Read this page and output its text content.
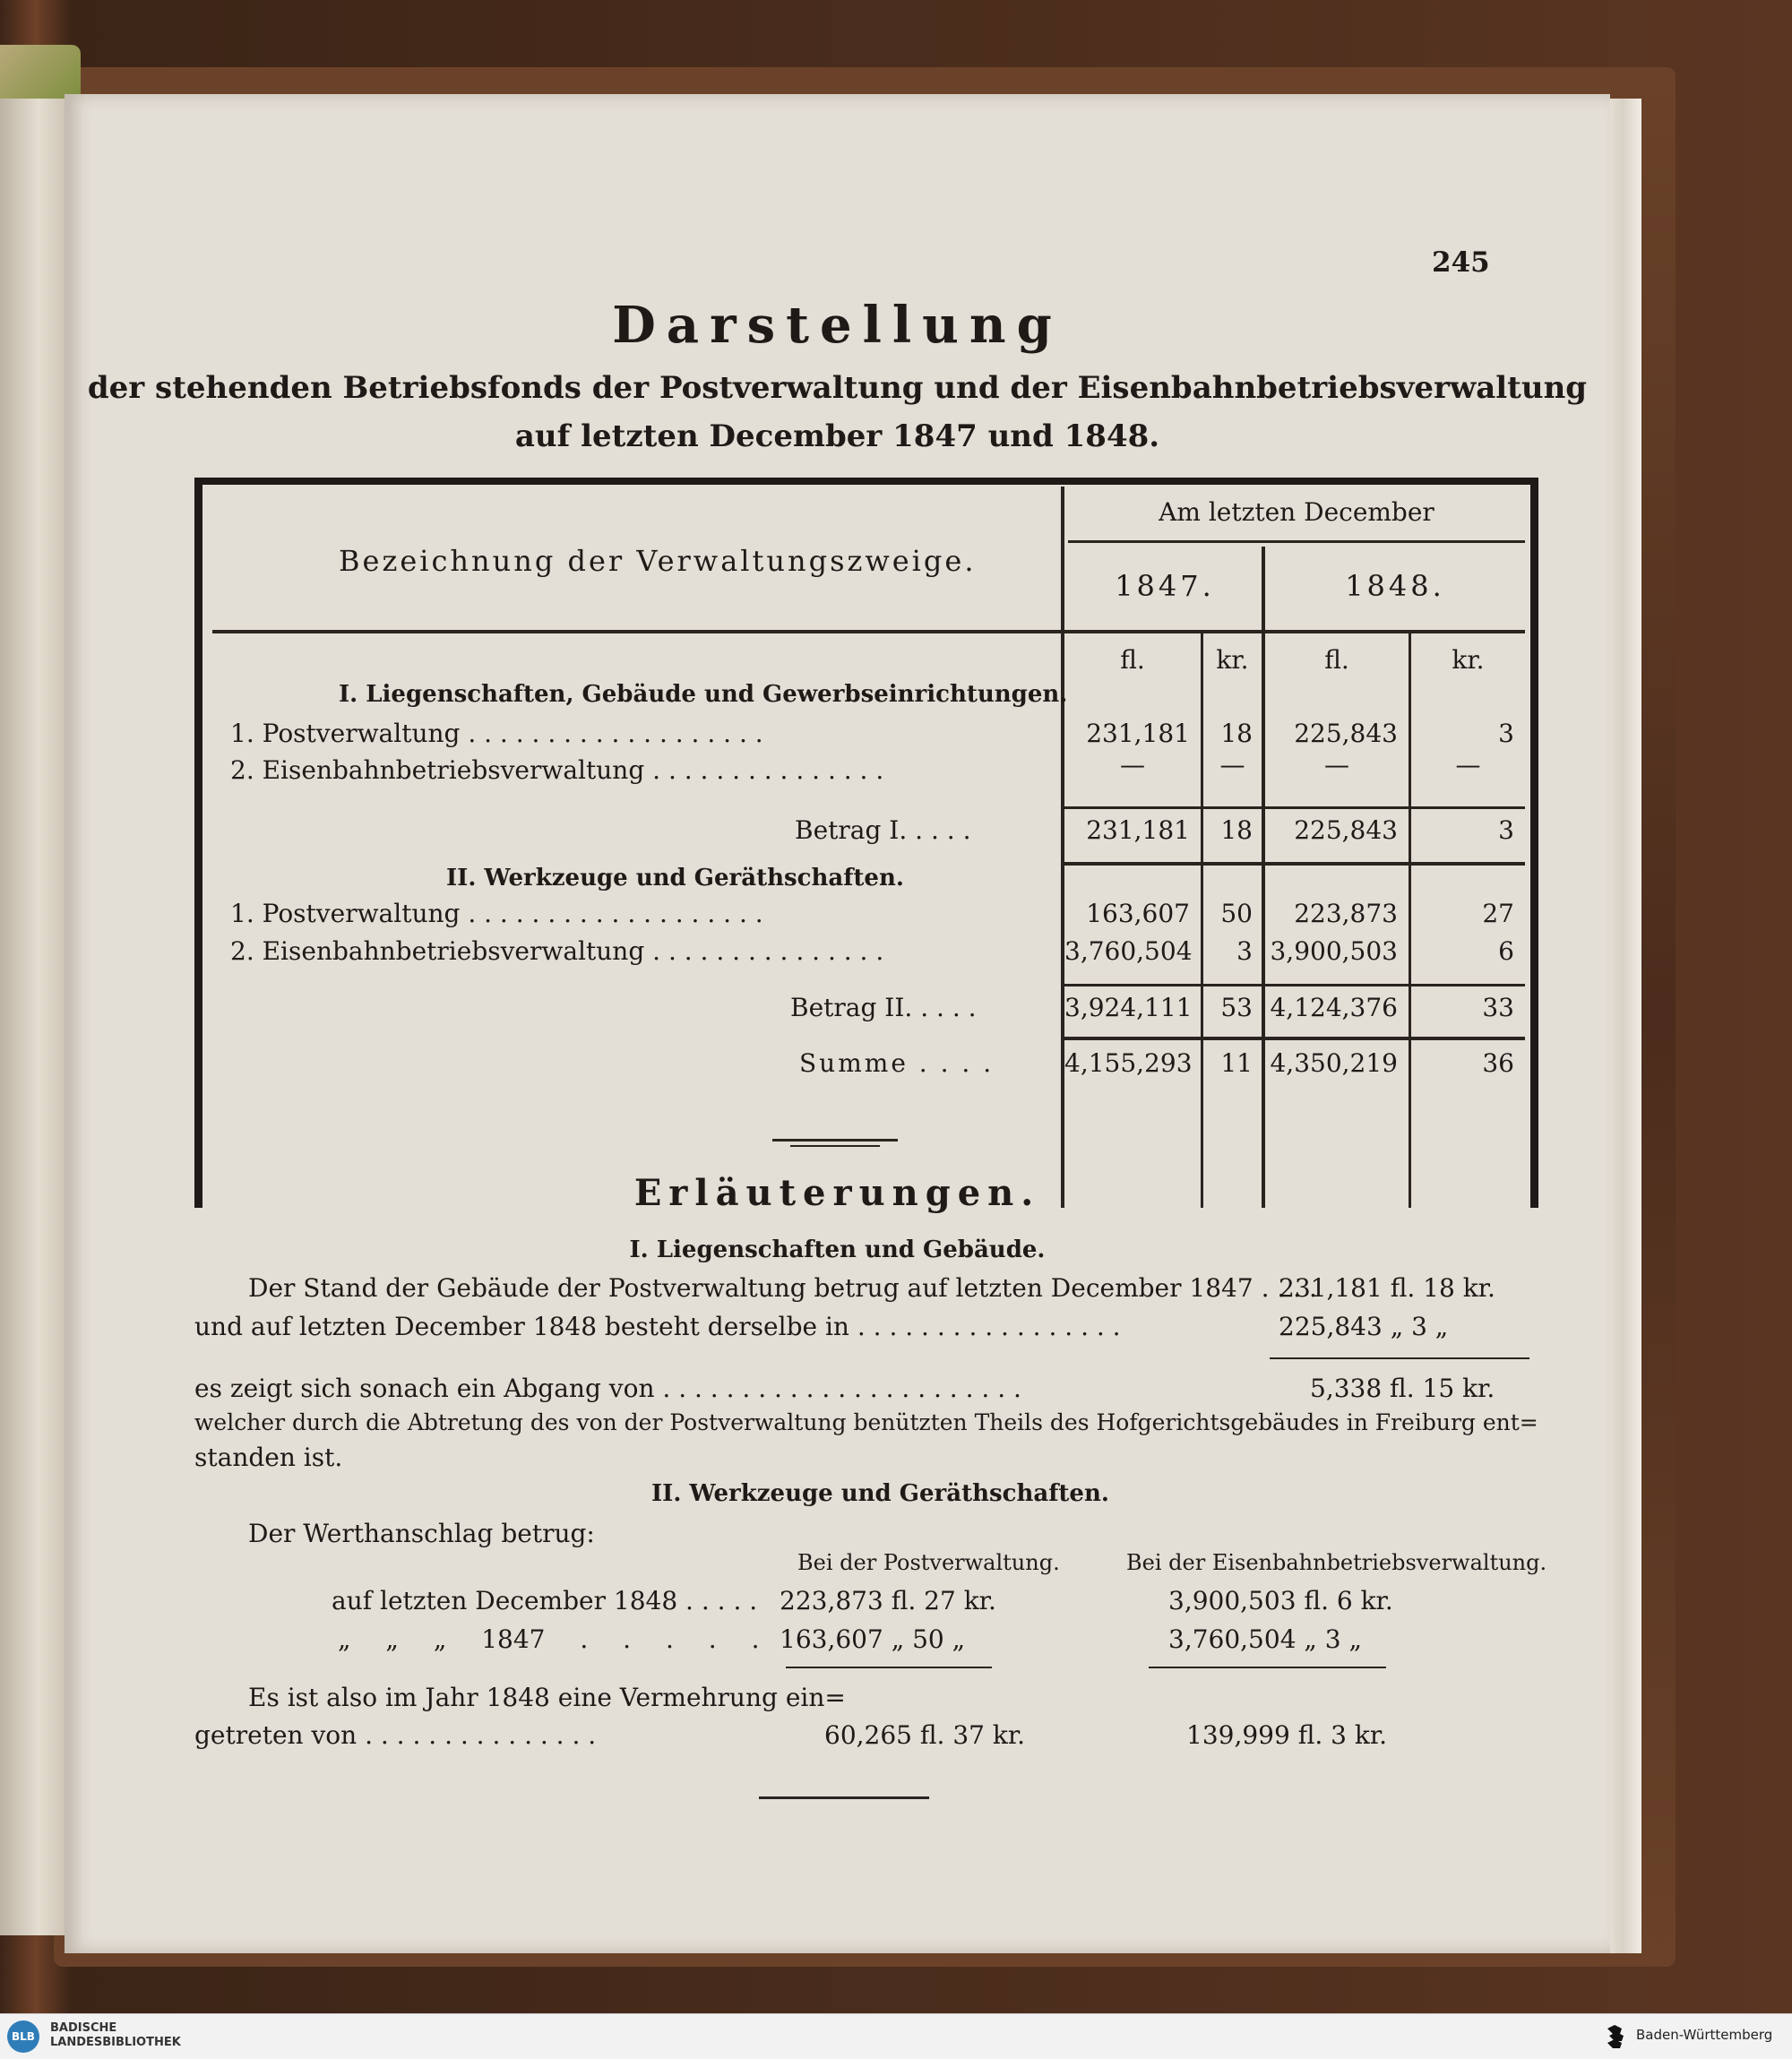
245
Darstellung
der stehenden Betriebsfonds der Postverwaltung und der Eisenbahnbetriebsverwaltung
auf letzten December 1847 und 1848.
Bezeichnung der Verwaltungszweige.
Am letzten December
1847.	1848.
fl.	kr.	fl.	kr.
I. Liegenschaften, Gebäude und Gewerbseinrichtungen.
II. Werkzeuge und Geräthschaften.
1. Postverwaltung . . . . . . . . . . . . . . . . . . .	231,181	18	225,843	3
2. Eisenbahnbetriebsverwaltung . . . . . . . . . . . . . . .	—	—	—	—
Betrag I. . . . .	231,181	18	225,843	3
1. Postverwaltung . . . . . . . . . . . . . . . . . . .	163,607	50	223,873	27
2. Eisenbahnbetriebsverwaltung . . . . . . . . . . . . . . .	3,760,504	3 3,900,503	6
Betrag II. . . . .	3,924,111	53 4,124,376	33
Summe . . . .	4,155,293	11 4,350,219	36
Erläuterungen.
I. Liegenschaften und Gebäude.
Der Stand der Gebäude der Postverwaltung betrug auf letzten December 1847 . . . .
231,181 fl. 18 kr.
und auf letzten December 1848 besteht derselbe in . . . . . . . . . . . . . . . . .	225,843 „ 3 „
es zeigt sich sonach ein Abgang von . . . . . . . . . . . . . . . . . . . . . . .	5,338 fl. 15 kr.
welcher durch die Abtretung des von der Postverwaltung benützten Theils des Hofgerichtsgebäudes in Freiburg ent=
standen ist.
II. Werkzeuge und Geräthschaften.
Der Werthanschlag betrug:
Bei der Postverwaltung.	Bei der Eisenbahnbetriebsverwaltung.
auf letzten December 1848 . . . . . 223,873 fl. 27 kr.	3,900,503 fl. 6 kr.
„ „ „ 1847 . . . . . 163,607 „ 50 „	3,760,504 „ 3 „
Es ist also im Jahr 1848 eine Vermehrung ein=
getreten von . . . . . . . . . . . . . . .	60,265 fl. 37 kr.	139,999 fl. 3 kr.
BLB
BADISCHE
LANDESBIBLIOTHEK	Baden-Württemberg
